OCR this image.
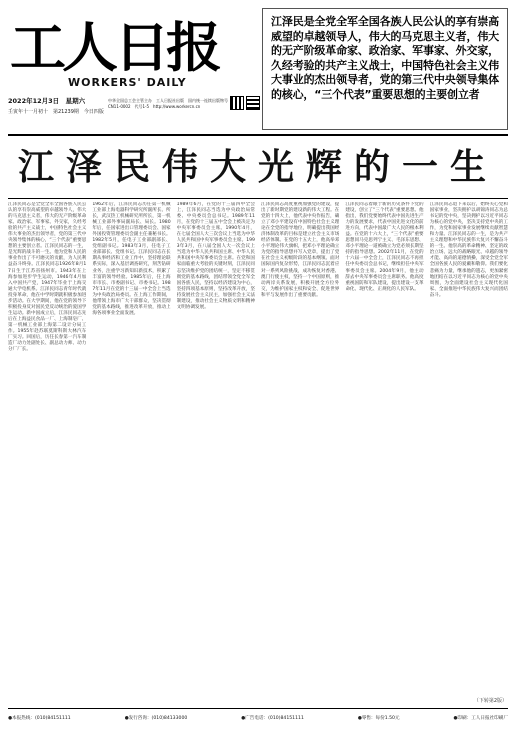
工人日报
WORKERS' DAILY
2022年12月3日　星期六
壬寅年十一月初十　第21239期　今日四版
中华全国总工会主管主办　工人日报社出版　国内统一连续出版物号CN11-0002　代号1-5　http://www.workercn.cn

江泽民是全党全军全国各族人民公认的享有崇高威望的卓越领导人，伟大的马克思主义者，伟大的无产阶级革命家、政治家、军事家、外交家，久经考验的共产主义战士，中国特色社会主义伟大事业的杰出领导者，党的第三代中央领导集体的核心，“三个代表”重要思想的主要创立者

江泽民伟大光辉的一生
江泽民同志是全党全军全国各族人民公认的享有崇高威望的卓越领导人，伟大的马克思主义者，伟大的无产阶级革命家、政治家、军事家、外交家，久经考验的共产主义战士，中国特色社会主义伟大事业的杰出领导者，党的第三代中央领导集体的核心，“三个代表”重要思想的主要创立者。江泽民同志的一生，是光辉的战斗的一生。他为党和人民的事业作出了不可磨灭的贡献，为人民利益奋斗终身。江泽民同志1926年8月17日生于江苏省扬州市。1943年在上海参加进步学生运动，1946年4月加入中国共产党，1947年毕业于上海交通大学电机系。江泽民同志青年时代就投身革命，他在中学时期就积极参加进步活动。在大学期间，他在党的领导下积极投身反对国民党反动统治的爱国学生运动。新中国成立后，江泽民同志先后在上海益民食品一厂、上海制皂厂、第一机械工业部上海第二设计分局工作。1955年赴苏联莫斯科斯大林汽车厂实习。回国后，历任长春第一汽车制造厂动力处副处长、副总动力师、动力分厂厂长。
1962年后，江泽民同志历任第一机械工业部上海电器科学研究所副所长、所长，武汉热工机械研究所所长，第一机械工业部外事局副局长、局长。1980年后，任国家进出口管理委员会、国家外国投资管理委员会副主任兼秘书长。1982年5月，任电子工业部副部长、党组副书记。1983年3月，任电子工业部部长、党组书记。江泽民同志在长期从事经济和工业工作中，坚持理论联系实际，深入基层调查研究，刻苦钻研业务，注重学习新知识新技术，积累了丰富的领导经验。1985年后，任上海市市长、市委副书记、市委书记。1987年11月在党的十三届一中全会上当选为中央政治局委员。在上海工作期间，他带领上海市广大干部群众，坚决贯彻党的基本路线，推进改革开放，推动上海各项事业全面发展。
1989年6月，在党的十三届四中全会上，江泽民同志当选为中央政治局常委、中央委员会总书记。1989年11月，在党的十三届五中全会上被决定为中央军事委员会主席。1990年4月，在七届全国人大三次会议上当选为中华人民共和国中央军事委员会主席。1993年3月，在八届全国人大一次会议上当选为中华人民共和国主席、中华人民共和国中央军事委员会主席。在党和国家面临重大考验的关键时刻，江泽民同志坚决维护党的团结统一，坚定不移贯彻党的基本路线，团结带领全党全军全国各族人民，坚持以经济建设为中心，坚持四项基本原则，坚持改革开放，坚持发展社会主义民主，加强社会主义法制建设，推动社会主义物质文明和精神文明协调发展。
江泽民同志高度重视加强党的建设，提出了新时期党的建设新的伟大工程。在党的十四大上，他代表中央作报告，确立了邓小平建设有中国特色社会主义理论在全党的指导地位，明确提出我国经济体制改革的目标是建立社会主义市场经济体制。在党的十五大上，他高举邓小平理论伟大旗帜，把邓小平理论确立为党的指导思想并写入党章，提出了党在社会主义初级阶段的基本纲领。面对国际国内复杂形势，江泽民同志沉着应对一系列风险挑战，成功恢复对香港、澳门行使主权，坚持一个中国原则，推动两岸关系发展，积极开展全方位外交，为维护国家主权和安全、促进世界和平与发展作出了重要贡献。
江泽民同志着眼于新的历史条件下党的建设，创立了“三个代表”重要思想。他指出，我们党要始终代表中国先进生产力的发展要求，代表中国先进文化的前进方向，代表中国最广大人民的根本利益。在党的十六大上，“三个代表”重要思想同马克思列宁主义、毛泽东思想、邓小平理论一道被确立为党必须长期坚持的指导思想。2002年11月，在党的十六届一中全会上，江泽民同志不再担任中央委员会总书记，继续担任中央军事委员会主席。2004年9月，他主动辞去中央军事委员会主席职务。他高度重视国防和军队建设，提出建设一支革命化、现代化、正规化的人民军队。
江泽民同志退下来以后，始终关心党和国家事业，坚决拥护以胡锦涛同志为总书记的党中央，坚决拥护以习近平同志为核心的党中央，坚决支持党中央的工作，为党和国家事业发展继续贡献智慧和力量。江泽民同志的一生，是为共产主义理想和中华民族伟大复兴不懈奋斗的一生。他崇高的革命精神、坚定的政治立场、远大的战略眼光、卓越的领导才能、高尚的道德情操，深受全党全军全国各族人民的爱戴和敬仰。我们要化悲痛为力量，继承他的遗志，更加紧密地团结在以习近平同志为核心的党中央周围，为全面建设社会主义现代化国家、全面推进中华民族伟大复兴而团结奋斗。
（下转第2版）
●本报热线：(010)84151111	●发行咨询：(010)84133000	●广告电话：(010)84151111	●零售：每份1.50元	●印刷：工人日报社印刷厂
